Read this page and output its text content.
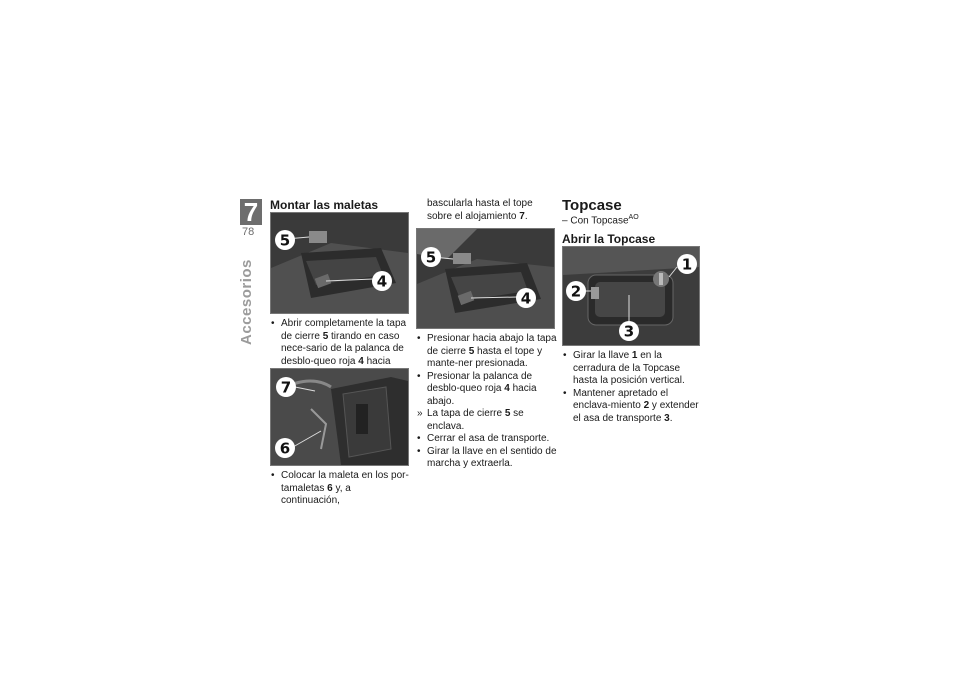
7
78
Accesorios
Montar las maletas
5
4
• Abrir completamente la tapa de cierre 5 tirando en caso nece-sario de la palanca de desblo-queo roja 4 hacia
7
6
• Colocar la maleta en los por-tamaletas 6 y, a continuación,
bascularla hasta el tope sobre el alojamiento 7.
5
4
• Presionar hacia abajo la tapa de cierre 5 hasta el tope y mante-ner presionada.
• Presionar la palanca de desblo-queo roja 4 hacia abajo.
» La tapa de cierre 5 se enclava.
• Cerrar el asa de transporte.
• Girar la llave en el sentido de marcha y extraerla.
Topcase
– Con Topcase$^{AO}$
Abrir la Topcase
1
2
3
• Girar la llave 1 en la cerradura de la Topcase hasta la posición vertical.
• Mantener apretado el enclava-miento 2 y extender el asa de transporte 3.
